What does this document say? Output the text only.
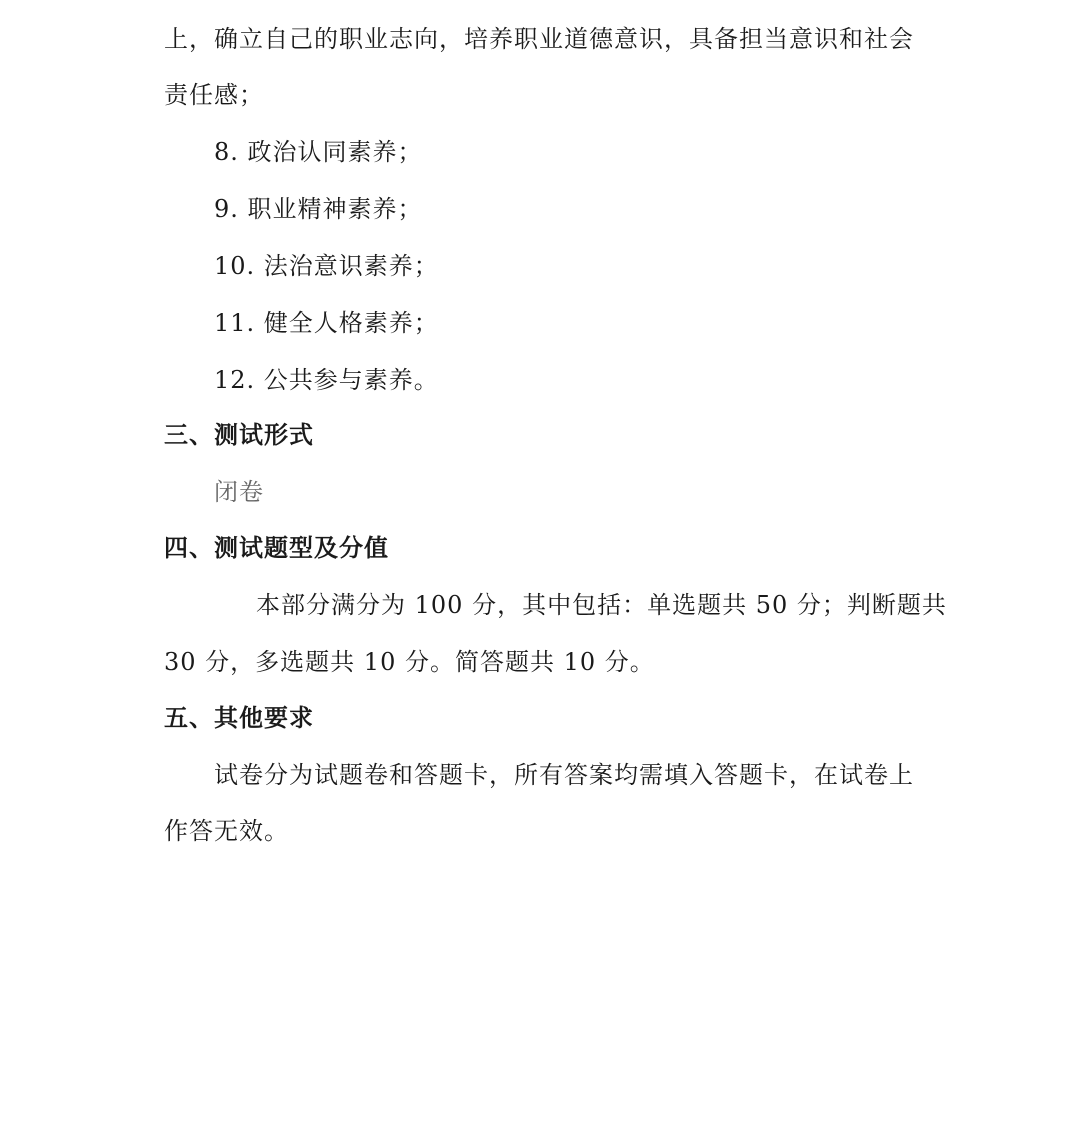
上，确立自己的职业志向，培养职业道德意识，具备担当意识和社会
责任感；
8. 政治认同素养；
9. 职业精神素养；
10. 法治意识素养；
11. 健全人格素养；
12. 公共参与素养。
三、测试形式
闭卷
四、测试题型及分值
本部分满分为 100 分，其中包括：单选题共 50 分；判断题共
30 分，多选题共 10 分。简答题共 10 分。
五、其他要求
试卷分为试题卷和答题卡，所有答案均需填入答题卡，在试卷上
作答无效。
